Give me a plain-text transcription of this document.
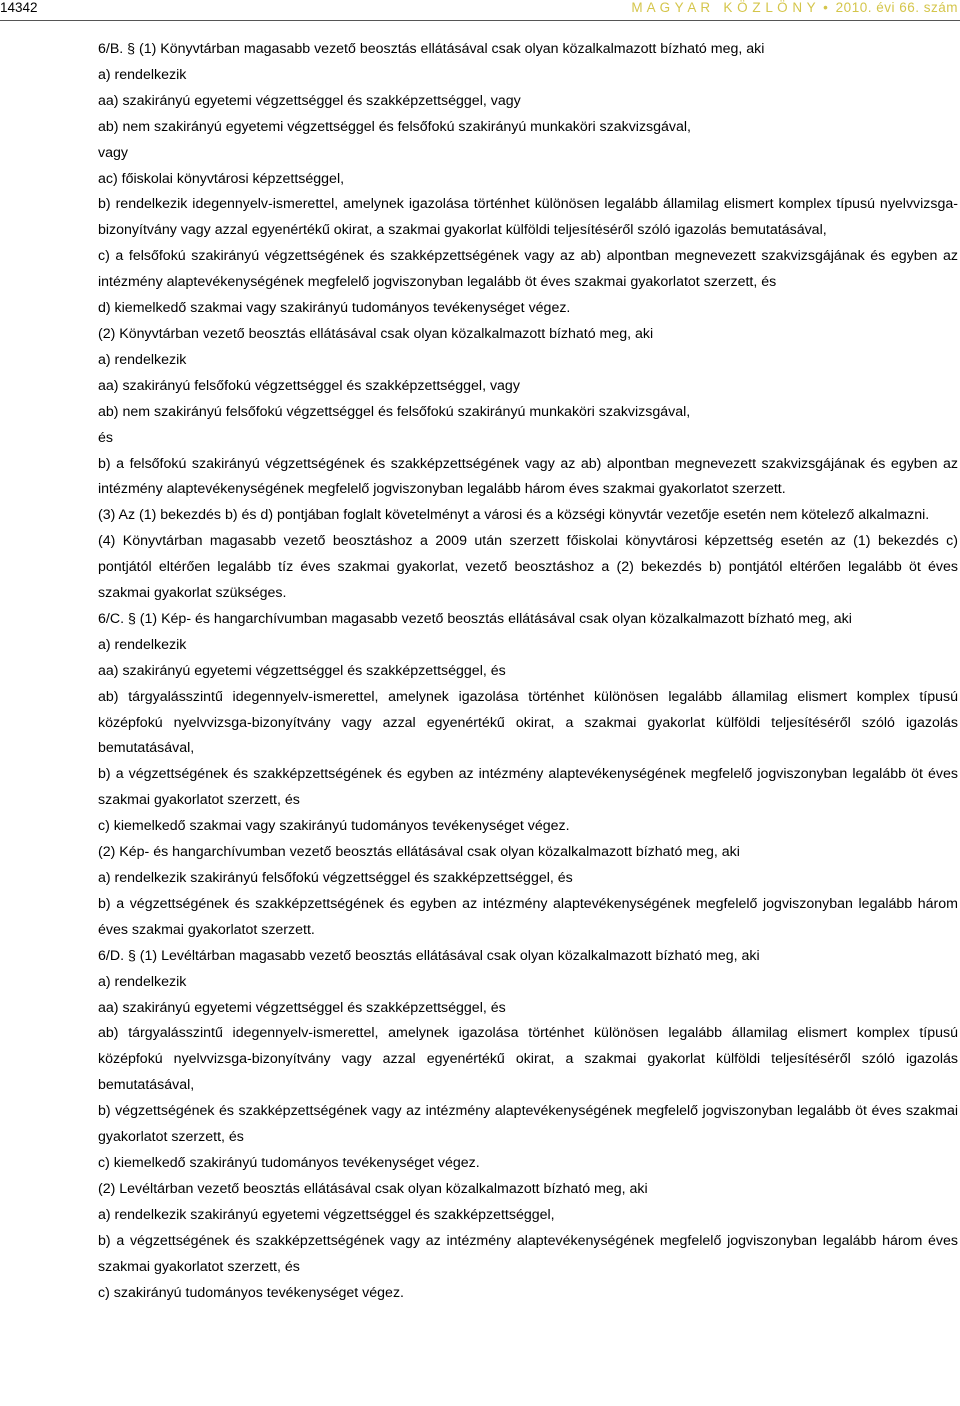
14342	M A G Y A R   K Ö Z L Ö N Y • 2010. évi 66. szám

6/B. § (1) Könyvtárban magasabb vezető beosztás ellátásával csak olyan közalkalmazott bízható meg, aki

a) rendelkezik

aa) szakirányú egyetemi végzettséggel és szakképzettséggel, vagy

ab) nem szakirányú egyetemi végzettséggel és felsőfokú szakirányú munkaköri szakvizsgával, vagy

ac) főiskolai könyvtárosi képzettséggel,

b) rendelkezik idegennyelv-ismerettel, amelynek igazolása történhet különösen legalább államilag elismert komplex típusú nyelvvizsga-bizonyítvány vagy azzal egyenértékű okirat, a szakmai gyakorlat külföldi teljesítéséről szóló igazolás bemutatásával,

c) a felsőfokú szakirányú végzettségének és szakképzettségének vagy az ab) alpontban megnevezett szakvizsgájának és egyben az intézmény alaptevékenységének megfelelő jogviszonyban legalább öt éves szakmai gyakorlatot szerzett, és

d) kiemelkedő szakmai vagy szakirányú tudományos tevékenységet végez.

(2) Könyvtárban vezető beosztás ellátásával csak olyan közalkalmazott bízható meg, aki

a) rendelkezik

aa) szakirányú felsőfokú végzettséggel és szakképzettséggel, vagy

ab) nem szakirányú felsőfokú végzettséggel és felsőfokú szakirányú munkaköri szakvizsgával, és

b) a felsőfokú szakirányú végzettségének és szakképzettségének vagy az ab) alpontban megnevezett szakvizsgájának és egyben az intézmény alaptevékenységének megfelelő jogviszonyban legalább három éves szakmai gyakorlatot szerzett.

(3) Az (1) bekezdés b) és d) pontjában foglalt követelményt a városi és a községi könyvtár vezetője esetén nem kötelező alkalmazni.

(4) Könyvtárban magasabb vezető beosztáshoz a 2009 után szerzett főiskolai könyvtárosi képzettség esetén az (1) bekezdés c) pontjától eltérően legalább tíz éves szakmai gyakorlat, vezető beosztáshoz a (2) bekezdés b) pontjától eltérően legalább öt éves szakmai gyakorlat szükséges.

6/C. § (1) Kép- és hangarchívumban magasabb vezető beosztás ellátásával csak olyan közalkalmazott bízható meg, aki

a) rendelkezik

aa) szakirányú egyetemi végzettséggel és szakképzettséggel, és

ab) tárgyalásszintű idegennyelv-ismerettel, amelynek igazolása történhet különösen legalább államilag elismert komplex típusú középfokú nyelvvizsga-bizonyítvány vagy azzal egyenértékű okirat, a szakmai gyakorlat külföldi teljesítéséről szóló igazolás bemutatásával,

b) a végzettségének és szakképzettségének és egyben az intézmény alaptevékenységének megfelelő jogviszonyban legalább öt éves szakmai gyakorlatot szerzett, és

c) kiemelkedő szakmai vagy szakirányú tudományos tevékenységet végez.

(2) Kép- és hangarchívumban vezető beosztás ellátásával csak olyan közalkalmazott bízható meg, aki

a) rendelkezik szakirányú felsőfokú végzettséggel és szakképzettséggel, és

b) a végzettségének és szakképzettségének és egyben az intézmény alaptevékenységének megfelelő jogviszonyban legalább három éves szakmai gyakorlatot szerzett.

6/D. § (1) Levéltárban magasabb vezető beosztás ellátásával csak olyan közalkalmazott bízható meg, aki

a) rendelkezik

aa) szakirányú egyetemi végzettséggel és szakképzettséggel, és

ab) tárgyalásszintű idegennyelv-ismerettel, amelynek igazolása történhet különösen legalább államilag elismert komplex típusú középfokú nyelvvizsga-bizonyítvány vagy azzal egyenértékű okirat, a szakmai gyakorlat külföldi teljesítéséről szóló igazolás bemutatásával,

b) végzettségének és szakképzettségének vagy az intézmény alaptevékenységének megfelelő jogviszonyban legalább öt éves szakmai gyakorlatot szerzett, és

c) kiemelkedő szakirányú tudományos tevékenységet végez.

(2) Levéltárban vezető beosztás ellátásával csak olyan közalkalmazott bízható meg, aki

a) rendelkezik szakirányú egyetemi végzettséggel és szakképzettséggel,

b) a végzettségének és szakképzettségének vagy az intézmény alaptevékenységének megfelelő jogviszonyban legalább három éves szakmai gyakorlatot szerzett, és

c) szakirányú tudományos tevékenységet végez.
